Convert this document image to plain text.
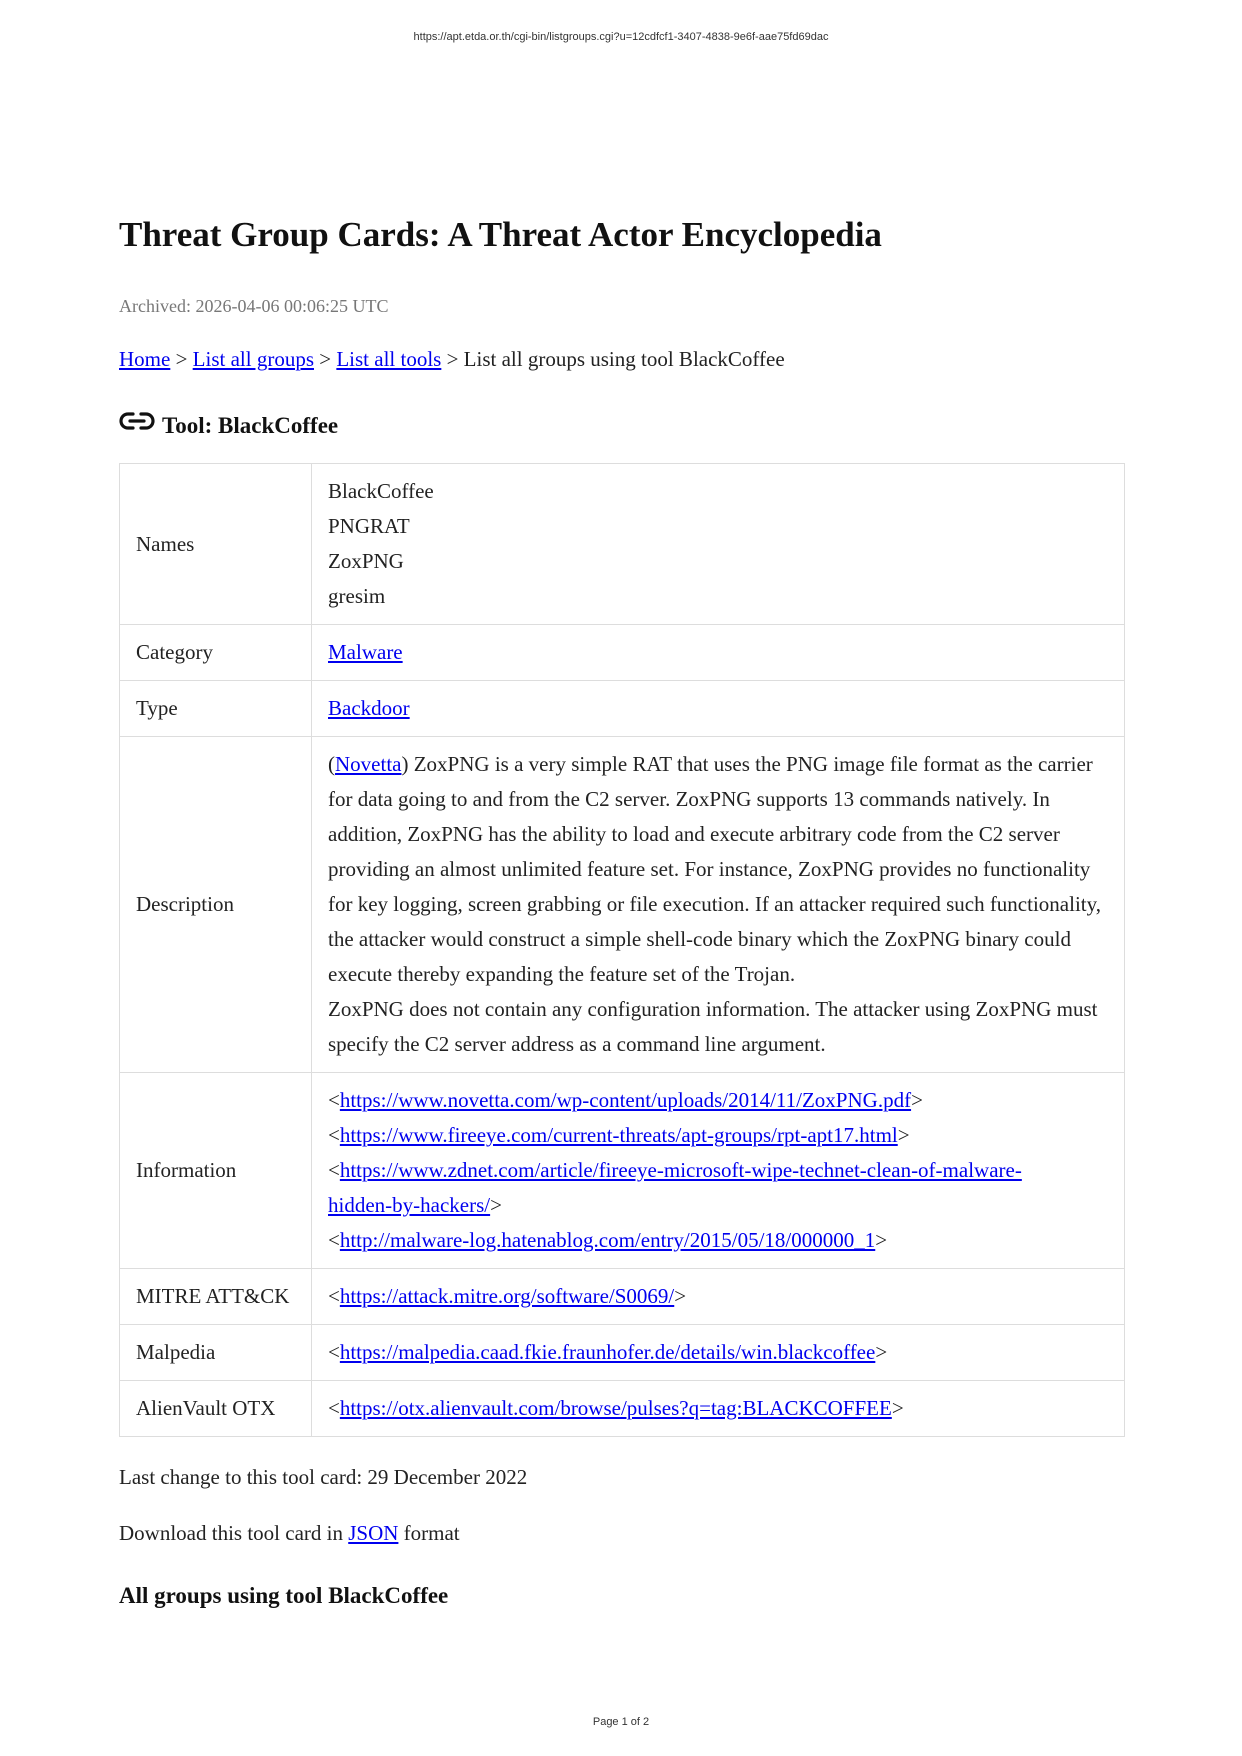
https://apt.etda.or.th/cgi-bin/listgroups.cgi?u=12cdfcf1-3407-4838-9e6f-aae75fd69dac
Threat Group Cards: A Threat Actor Encyclopedia
Archived: 2026-04-06 00:06:25 UTC
Home > List all groups > List all tools > List all groups using tool BlackCoffee
Tool: BlackCoffee
Names	BlackCoffee
PNGRAT
ZoxPNG
gresim

Category	Malware
Type	Backdoor
Description	(Novetta) ZoxPNG is a very simple RAT that uses the PNG image file format as the carrier for data going to and from the C2 server. ZoxPNG supports 13 commands natively. In addition, ZoxPNG has the ability to load and execute arbitrary code from the C2 server providing an almost unlimited feature set. For instance, ZoxPNG provides no functionality for key logging, screen grabbing or file execution. If an attacker required such functionality, the attacker would construct a simple shell-code binary which the ZoxPNG binary could execute thereby expanding the feature set of the Trojan.
ZoxPNG does not contain any configuration information. The attacker using ZoxPNG must specify the C2 server address as a command line argument.

Information	<https://www.novetta.com/wp-content/uploads/2014/11/ZoxPNG.pdf>
<https://www.fireeye.com/current-threats/apt-groups/rpt-apt17.html>
<https://www.zdnet.com/article/fireeye-microsoft-wipe-technet-clean-of-malware-hidden-by-hackers/>
<http://malware-log.hatenablog.com/entry/2015/05/18/000000_1>

MITRE ATT&CK	<https://attack.mitre.org/software/S0069/>
Malpedia	<https://malpedia.caad.fkie.fraunhofer.de/details/win.blackcoffee>
AlienVault OTX	<https://otx.alienvault.com/browse/pulses?q=tag:BLACKCOFFEE>
Last change to this tool card: 29 December 2022
Download this tool card in JSON format
All groups using tool BlackCoffee
Page 1 of 2
